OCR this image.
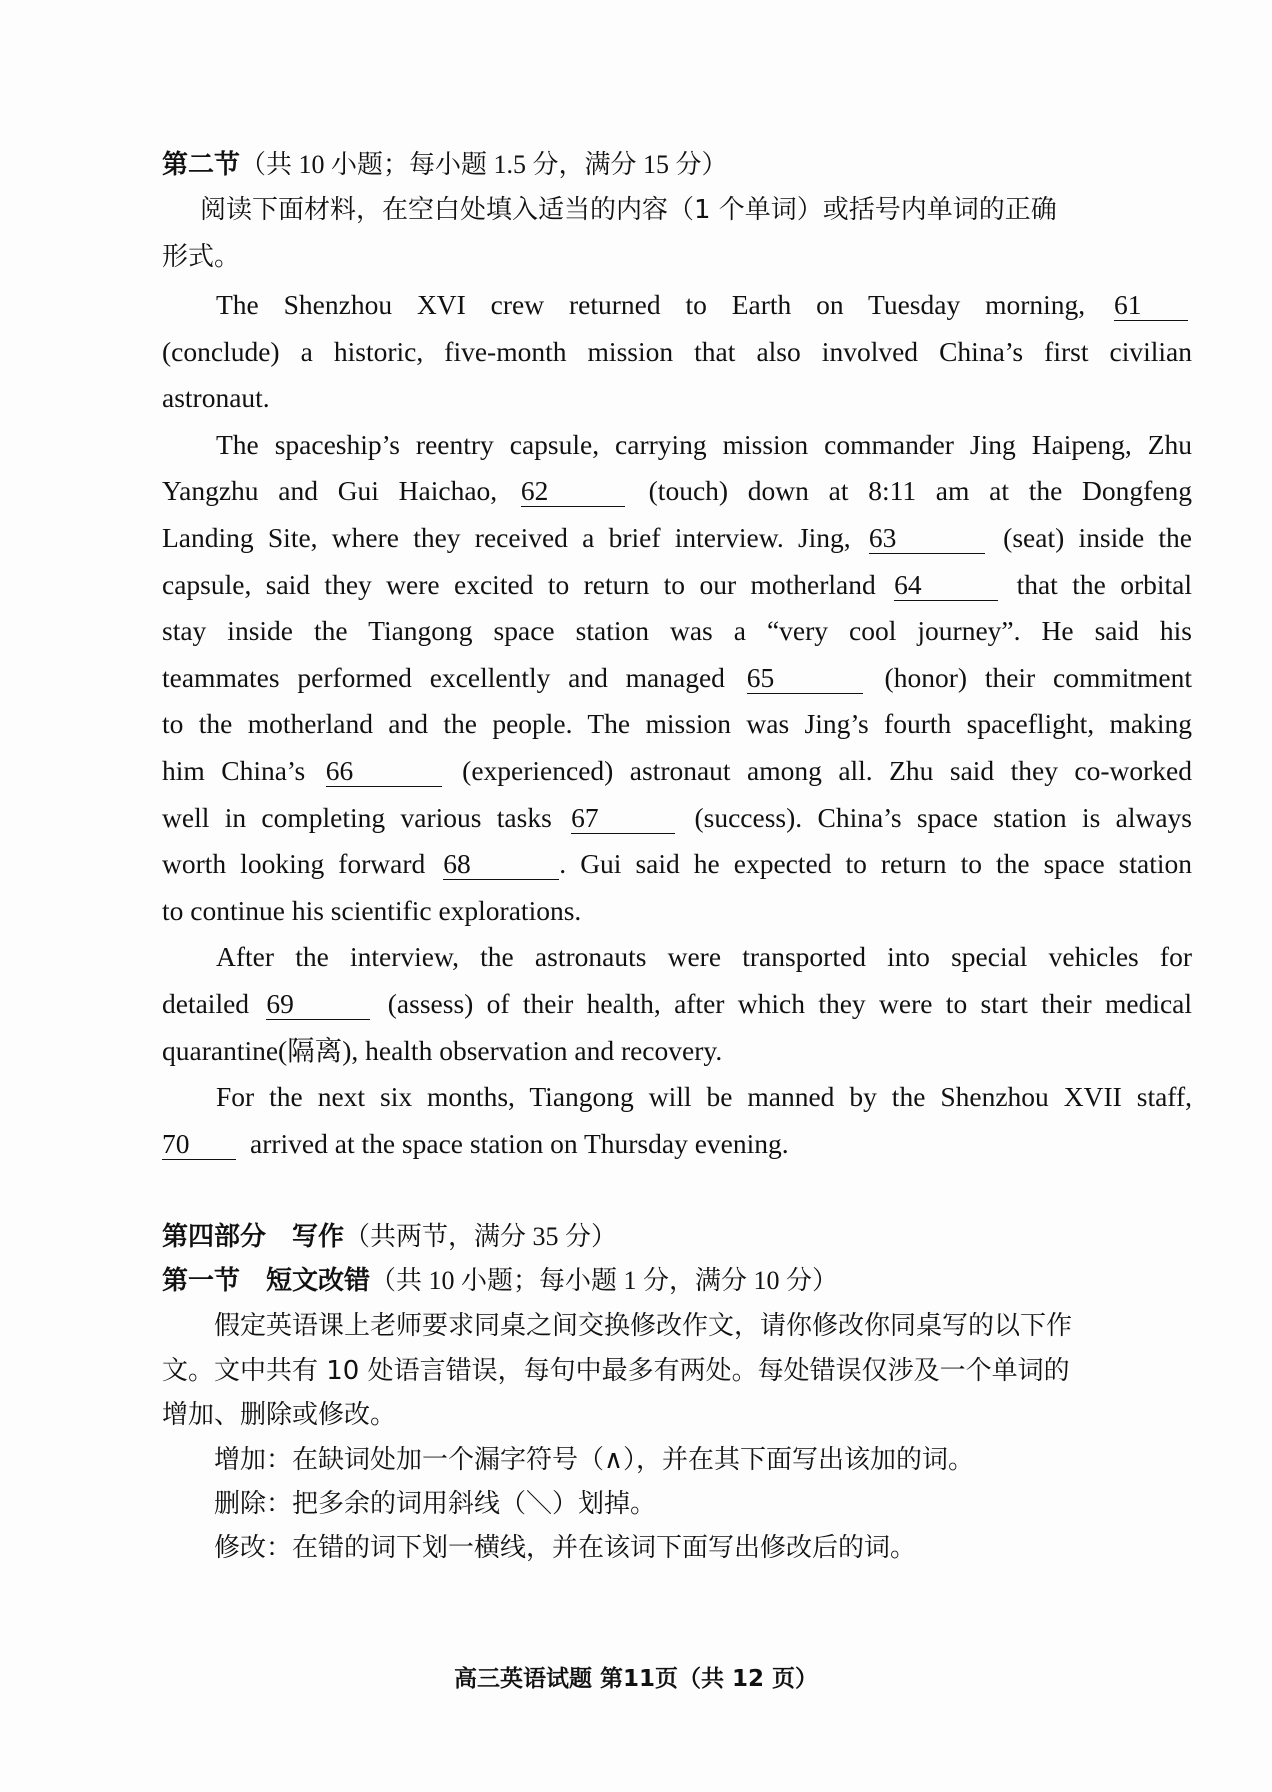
第二节（共 10 小题；每小题 1.5 分，满分 15 分）
阅读下面材料，在空白处填入适当的内容（1 个单词）或括号内单词的正确
形式。
The Shenzhou XVI crew returned to Earth on Tuesday morning, 61
(conclude) a historic, five-month mission that also involved China’s first civilian
astronaut.
The spaceship’s reentry capsule, carrying mission commander Jing Haipeng, Zhu
Yangzhu and Gui Haichao, 62	(touch) down at 8:11 am at the Dongfeng
Landing Site, where they received a brief interview. Jing, 63	(seat) inside the
capsule, said they were excited to return to our motherland 64	that the orbital
stay inside the Tiangong space station was a “very cool journey”. He said his
teammates performed excellently and managed 65	(honor) their commitment
to the motherland and the people. The mission was Jing’s fourth spaceflight, making
him China’s 66	(experienced) astronaut among all. Zhu said they co-worked
well in completing various tasks 67	(success). China’s space station is always
worth looking forward 68	. Gui said he expected to return to the space station
to continue his scientific explorations.
After the interview, the astronauts were transported into special vehicles for
detailed 69	(assess) of their health, after which they were to start their medical
quarantine(隔离), health observation and recovery.
For the next six months, Tiangong will be manned by the Shenzhou XVII staff,
70 arrived at the space station on Thursday evening.
第四部分 写作（共两节，满分 35 分）
第一节 短文改错（共 10 小题；每小题 1 分，满分 10 分）
假定英语课上老师要求同桌之间交换修改作文，请你修改你同桌写的以下作
文。文中共有 10 处语言错误，每句中最多有两处。每处错误仅涉及一个单词的
增加、删除或修改。
增加：在缺词处加一个漏字符号（∧），并在其下面写出该加的词。
删除：把多余的词用斜线（＼）划掉。
修改：在错的词下划一横线，并在该词下面写出修改后的词。
高三英语试题 第11页（共 12 页）
